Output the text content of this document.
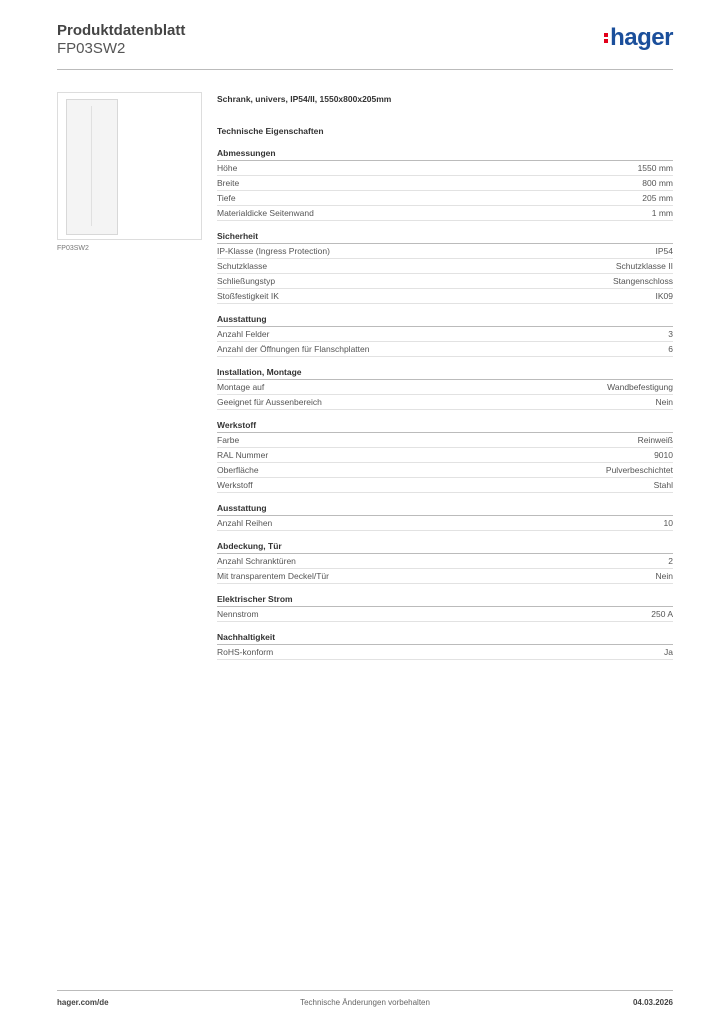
Produktdatenblatt
FP03SW2	hager
FP03SW2
Schrank, univers, IP54/II, 1550x800x205mm
Technische Eigenschaften
Abmessungen
Höhe	1550 mm
Breite	800 mm
Tiefe	205 mm
Materialdicke Seitenwand	1 mm
Sicherheit
IP-Klasse (Ingress Protection)	IP54
Schutzklasse	Schutzklasse II
Schließungstyp	Stangenschloss
Stoßfestigkeit IK	IK09
Ausstattung
Anzahl Felder	3
Anzahl der Öffnungen für Flanschplatten	6
Installation, Montage
Montage auf	Wandbefestigung
Geeignet für Aussenbereich	Nein
Werkstoff
Farbe	Reinweiß
RAL Nummer	9010
Oberfläche	Pulverbeschichtet
Werkstoff	Stahl
Ausstattung
Anzahl Reihen	10
Abdeckung, Tür
Anzahl Schranktüren	2
Mit transparentem Deckel/Tür	Nein
Elektrischer Strom
Nennstrom	250 A
Nachhaltigkeit
RoHS-konform	Ja
hager.com/de	Technische Änderungen vorbehalten	04.03.2026
